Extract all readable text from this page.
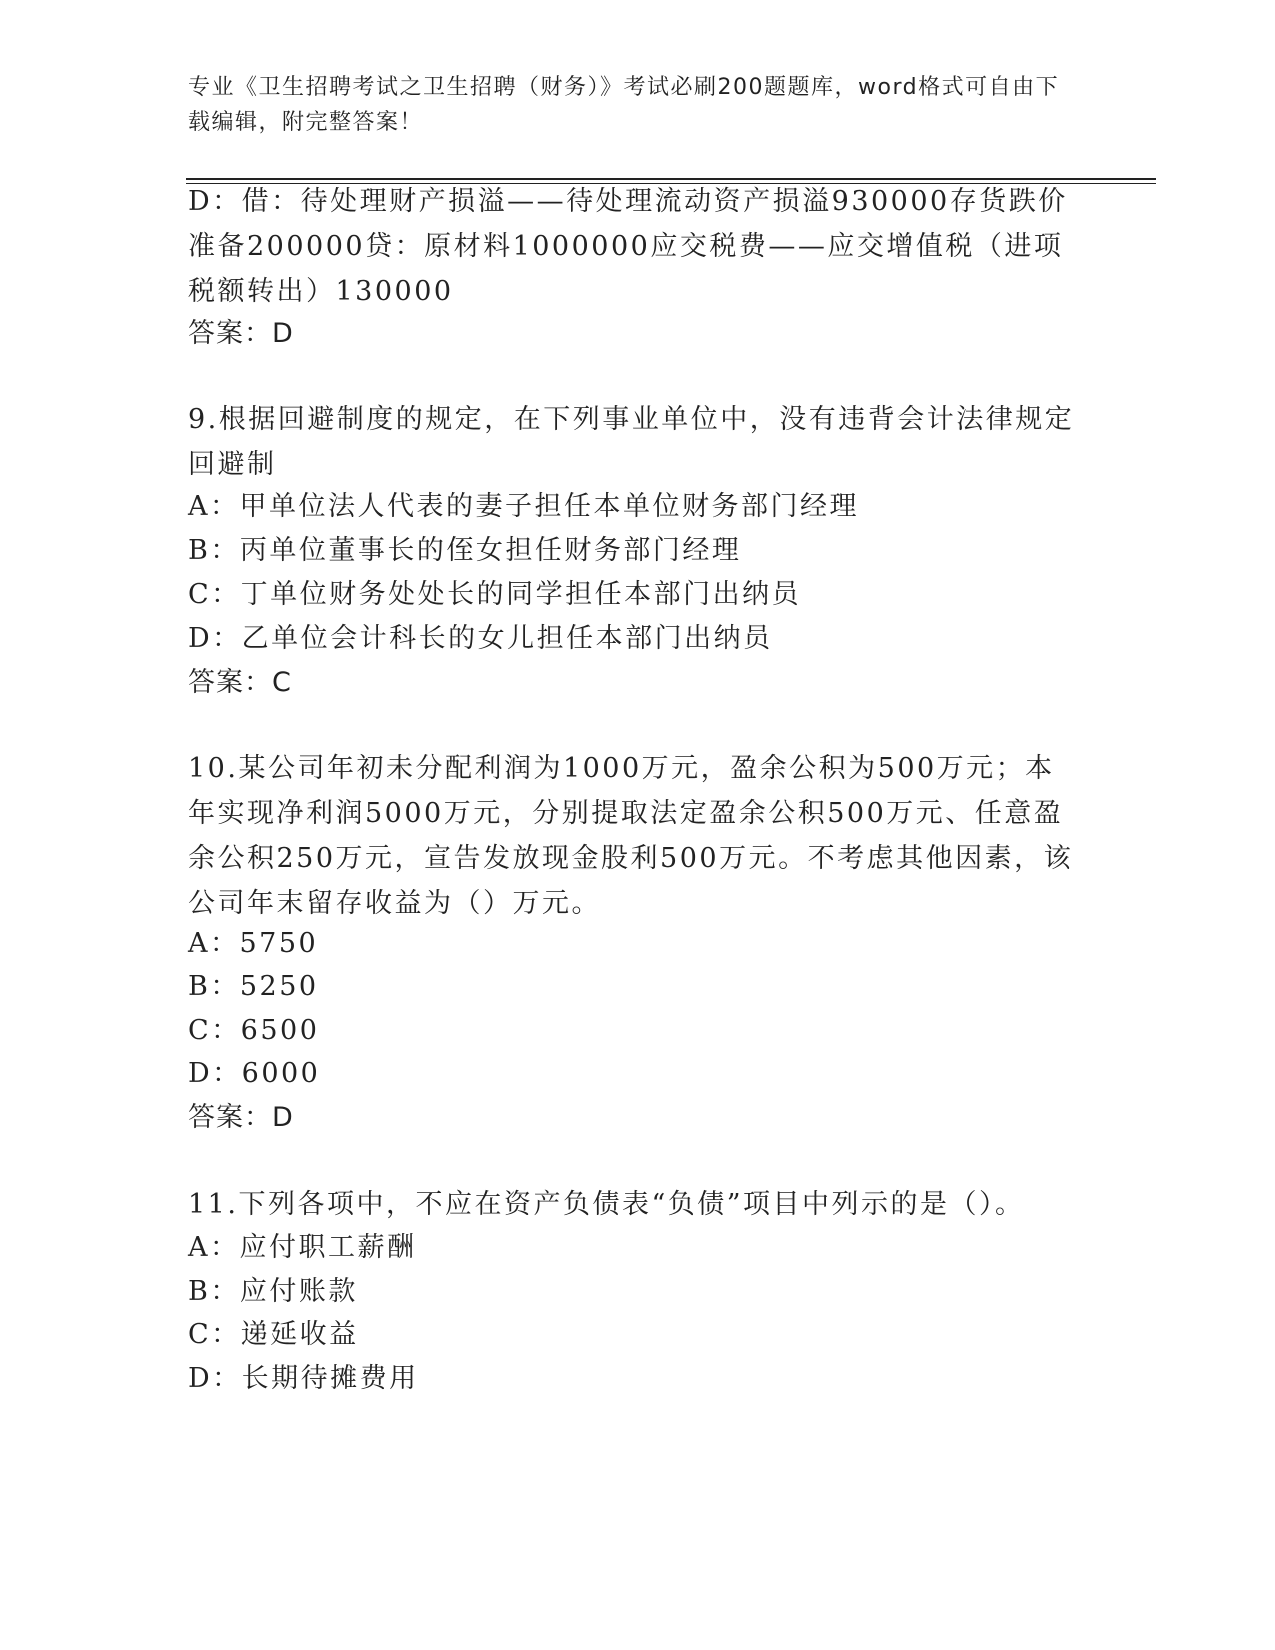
专业《卫生招聘考试之卫生招聘（财务）》考试必刷200题题库，word格式可自由下载编辑，附完整答案！

D：借：待处理财产损溢——待处理流动资产损溢930000存货跌价准备200000贷：原材料1000000应交税费——应交增值税（进项税额转出）130000

答案：D

9.根据回避制度的规定，在下列事业单位中，没有违背会计法律规定回避制

A：甲单位法人代表的妻子担任本单位财务部门经理

B：丙单位董事长的侄女担任财务部门经理

C：丁单位财务处处长的同学担任本部门出纳员

D：乙单位会计科长的女儿担任本部门出纳员

答案：C

10.某公司年初未分配利润为1000万元，盈余公积为500万元；本年实现净利润5000万元，分别提取法定盈余公积500万元、任意盈余公积250万元，宣告发放现金股利500万元。不考虑其他因素，该公司年末留存收益为（）万元。

A：5750

B：5250

C：6500

D：6000

答案：D

11.下列各项中，不应在资产负债表“负债”项目中列示的是（）。

A：应付职工薪酬

B：应付账款

C：递延收益

D：长期待摊费用
